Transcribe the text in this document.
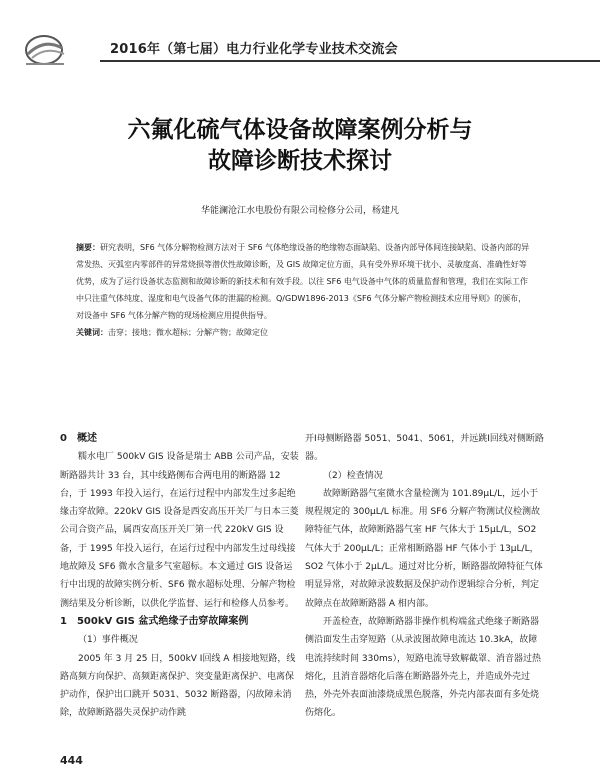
2016年（第七届）电力行业化学专业技术交流会
六氟化硫气体设备故障案例分析与
故障诊断技术探讨
华能澜沧江水电股份有限公司检修分公司，杨建凡

摘要：研究表明，SF6 气体分解物检测方法对于 SF6 气体绝缘设备的绝缘物态面缺陷、设备内部导体间连接缺陷、设备内部的异常发热、灭弧室内零部件的异常烧损等潜伏性故障诊断，及 GIS 故障定位方面，具有受外界环境干扰小、灵敏度高、准确性好等优势，成为了运行设备状态监测和故障诊断的新技术和有效手段。以往 SF6 电气设备中气体的质量监督和管理，我们在实际工作中只注重气体纯度、湿度和电气设备气体的泄漏的检测。Q/GDW1896-2013《SF6 气体分解产物检测技术应用导则》的颁布，对设备中 SF6 气体分解产物的现场检测应用提供指导。

关键词：击穿；接地；微水超标；分解产物；故障定位

0　概述

糯水电厂 500kV GIS 设备是瑞士 ABB 公司产品，安装断路器共计 33 台，其中线路侧布合两电用的断路器 12 台，于 1993 年投入运行，在运行过程中内部发生过多起绝缘击穿故障。220kV GIS 设备是西安高压开关厂与日本三菱公司合资产品，属西安高压开关厂第一代 220kV GIS 设备，于 1995 年投入运行，在运行过程中内部发生过母线接地故障及 SF6 微水含量多气室超标。本文通过 GIS 设备运行中出现的故障实例分析、SF6 微水超标处理、分解产物检测结果及分析诊断，以供化学监督、运行和检修人员参考。

1　500kV GIS 盆式绝缘子击穿故障案例

（1）事件概况

2005 年 3 月 25 日，500kV Ⅰ回线 A 相接地短路，线路高频方向保护、高频距离保护、突变量距离保护、电离保护动作，保护出口跳开 5031、5032 断路器，闪故障未消除，故障断路器失灵保护动作跳

开Ⅰ母侧断路器 5051、5041、5061，并远跳Ⅰ回线对侧断路器。

（2）检查情况

故障断路器气室微水含量检测为 101.89μL/L，远小于规程规定的 300μL/L 标准。用 SF6 分解产物测试仪检测故障特征气体，故障断路器气室 HF 气体大于 15μL/L，SO2 气体大于 200μL/L；正常相断路器 HF 气体小于 13μL/L，SO2 气体小于 2μL/L。通过对比分析，断路器故障特征气体明显异常，对故障录波数据及保护动作逻辑综合分析，判定故障点在故障断路器 A 相内部。

开盖检查，故障断路器非操作机构端盆式绝缘子断路器侧沿面发生击穿短路（从录波图故障电流达 10.3kA，故障电流持续时间 330ms），短路电流导致解截罩、消音器过热熔化，且消音器熔化后落在断路器外壳上，并造成外壳过热，外壳外表面油漆烧成黑色脱落，外壳内部表面有多处烧伤熔化。

444
